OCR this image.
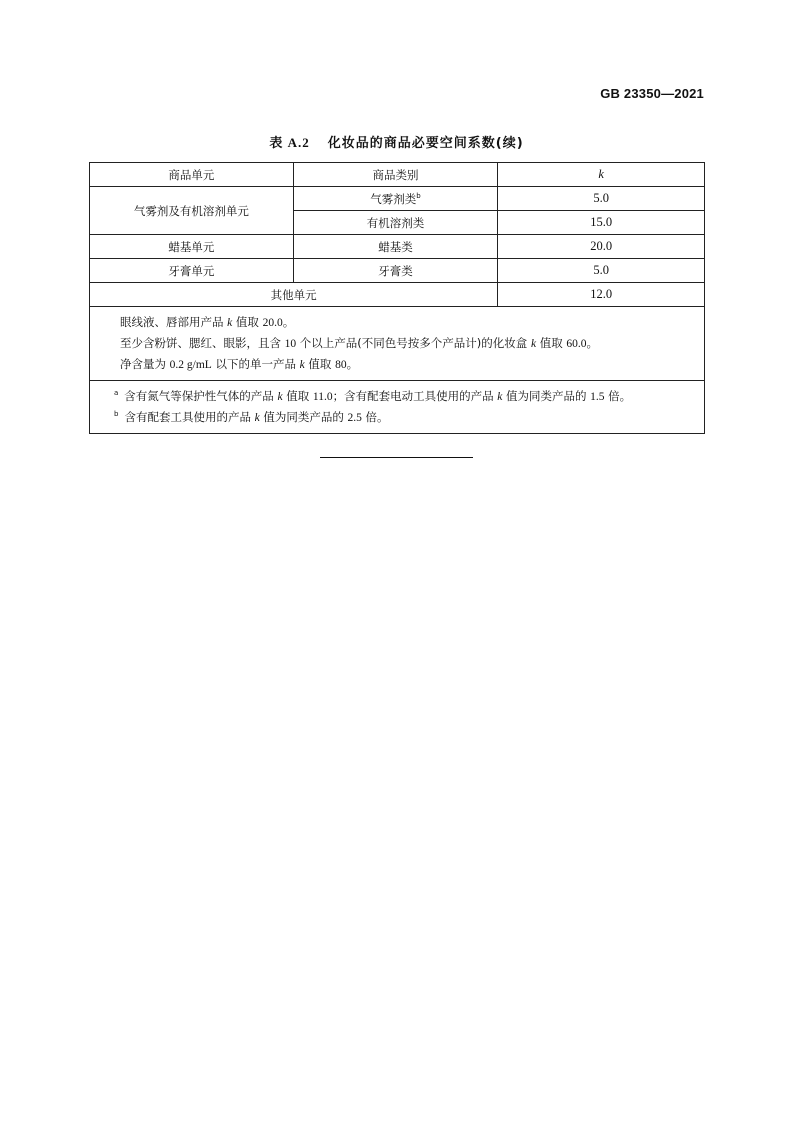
GB 23350—2021
表 A.2 化妆品的商品必要空间系数(续)
商品单元	商品类别	k
气雾剂及有机溶剂单元	气雾剂类$^b$	5.0
	有机溶剂类	15.0
蜡基单元	蜡基类	20.0
牙膏单元	牙膏类	5.0
其他单元		12.0

眼线液、唇部用产品 k 值取 20.0。
至少含粉饼、腮红、眼影，且含 10 个以上产品(不同色号按多个产品计)的化妆盒 k 值取 60.0。
净含量为 0.2 g/mL 以下的单一产品 k 值取 80。		

$^a$ 含有氮气等保护性气体的产品 k 值取 11.0；含有配套电动工具使用的产品 k 值为同类产品的 1.5 倍。
$^b$ 含有配套工具使用的产品 k 值为同类产品的 2.5 倍。		
